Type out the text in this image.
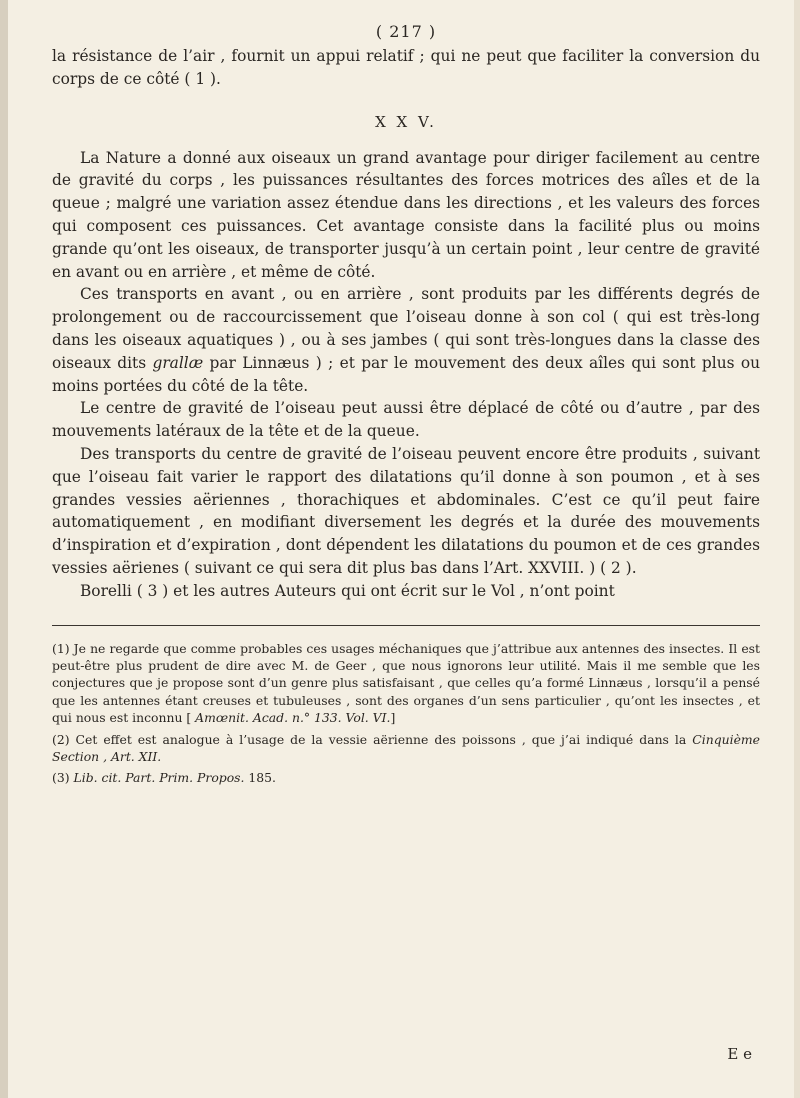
( 217 )

la résistance de l’air , fournit un appui relatif ; qui ne peut que faciliter la conversion du corps de ce côté ( 1 ).

X X V.

La Nature a donné aux oiseaux un grand avantage pour diriger facilement au centre de gravité du corps , les puissances résultantes des forces motrices des aîles et de la queue ; malgré une variation assez étendue dans les directions , et les valeurs des forces qui composent ces puissances. Cet avantage consiste dans la facilité plus ou moins grande qu’ont les oiseaux, de transporter jusqu’à un certain point , leur centre de gravité en avant ou en arrière , et même de côté.

Ces transports en avant , ou en arrière , sont produits par les différents degrés de prolongement ou de raccourcissement que l’oiseau donne à son col ( qui est très-long dans les oiseaux aquatiques ) , ou à ses jambes ( qui sont très-longues dans la classe des oiseaux dits grallæ par Linnæus ) ; et par le mouvement des deux aîles qui sont plus ou moins portées du côté de la tête.

Le centre de gravité de l’oiseau peut aussi être déplacé de côté ou d’autre , par des mouvements latéraux de la tête et de la queue.

Des transports du centre de gravité de l’oiseau peuvent encore être produits , suivant que l’oiseau fait varier le rapport des dilatations qu’il donne à son poumon , et à ses grandes vessies aëriennes , thorachiques et abdominales. C’est ce qu’il peut faire automatiquement , en modifiant diversement les degrés et la durée des mouvements d’inspiration et d’expiration , dont dépendent les dilatations du poumon et de ces grandes vessies aërienes ( suivant ce qui sera dit plus bas dans l’Art. XXVIII. ) ( 2 ).

Borelli ( 3 ) et les autres Auteurs qui ont écrit sur le Vol , n’ont point

(1) Je ne regarde que comme probables ces usages méchaniques que j’attribue aux antennes des insectes. Il est peut-être plus prudent de dire avec M. de Geer , que nous ignorons leur utilité. Mais il me semble que les conjectures que je propose sont d’un genre plus satisfaisant , que celles qu’a formé Linnæus , lorsqu’il a pensé que les antennes étant creuses et tubuleuses , sont des organes d’un sens particulier , qu’ont les insectes , et qui nous est inconnu [ Amœnit. Acad. n.° 133. Vol. VI.]

(2) Cet effet est analogue à l’usage de la vessie aërienne des poissons , que j’ai indiqué dans la Cinquième Section , Art. XII.

(3) Lib. cit. Part. Prim. Propos. 185.

E e
